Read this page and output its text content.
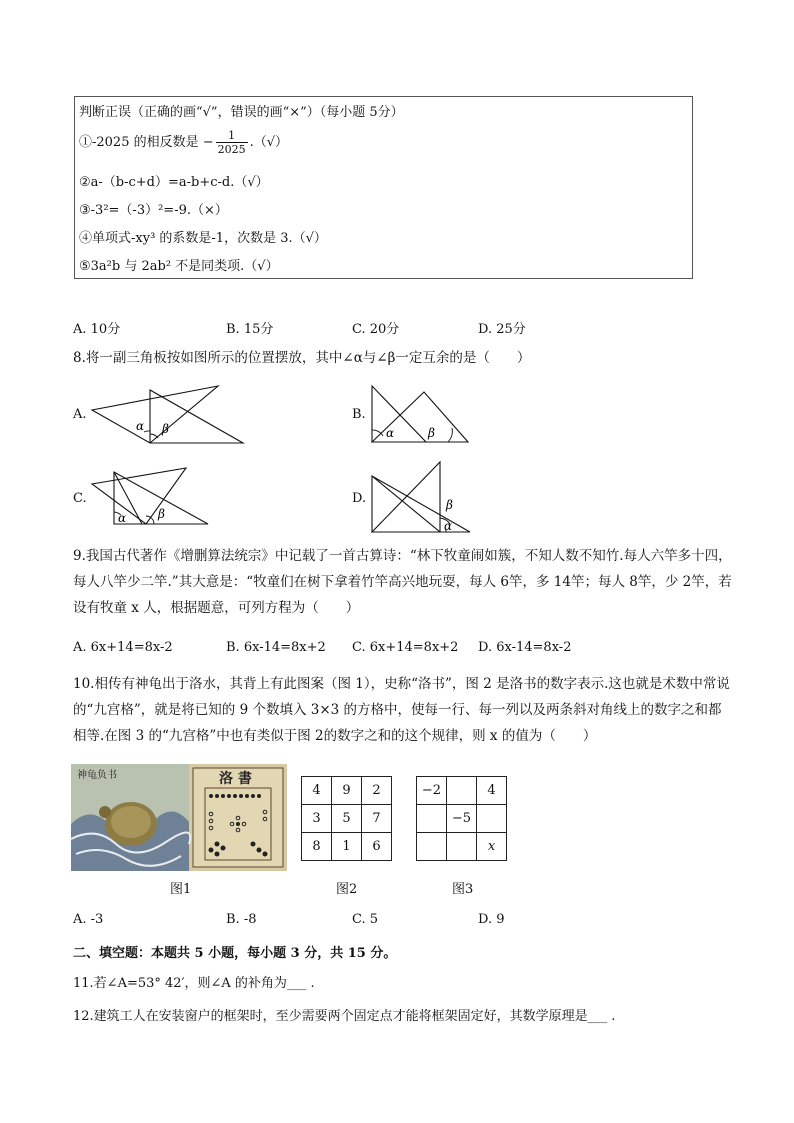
判断正误（正确的画“√”，错误的画“×”）（每小题 5分）
①-2025 的相反数是 − $\frac{1}{2025}$ .（√）
②a-（b-c+d）=a-b+c-d.（√）
③-3²=（-3）²=-9.（×）
④单项式-xy³ 的系数是-1，次数是 3.（√）
⑤3a²b 与 2ab² 不是同类项.（√）
A. 10分	B. 15分	C. 20分	D. 25分
8.将一副三角板按如图所示的位置摆放，其中∠α与∠β一定互余的是（　　）
A.
α β
B.
α	β
C.
α	β
D.	β
α
9.我国古代著作《增删算法统宗》中记载了一首古算诗：“林下牧童闹如簇，不知人数不知竹.每人六竿多十四，每人八竿少二竿.”其大意是：“牧童们在树下拿着竹竿高兴地玩耍，每人 6竿，多 14竿；每人 8竿，少 2竿，若设有牧童 x 人，根据题意，可列方程为（　　）
A. 6x+14=8x-2	B. 6x-14=8x+2 C. 6x+14=8x+2 D. 6x-14=8x-2
10.相传有神龟出于洛水，其背上有此图案（图 1），史称“洛书”，图 2 是洛书的数字表示.这也就是术数中常说的“九宫格”，就是将已知的 9 个数填入 3×3 的方格中，使每一行、每一列以及两条斜对角线上的数字之和都相等.在图 3 的“九宫格”中也有类似于图 2的数字之和的这个规律，则 x 的值为（　　）
神龟负书	洛 書
4	9	2
3	5	7
8	1	6
−2		4
	−5	
		x
图1	图2	图3
A. -3	B. -8	C. 5	D. 9
二、填空题：本题共 5 小题，每小题 3 分，共 15 分。
11.若∠A=53° 42′，则∠A 的补角为___ .
12.建筑工人在安装窗户的框架时，至少需要两个固定点才能将框架固定好，其数学原理是___ .
